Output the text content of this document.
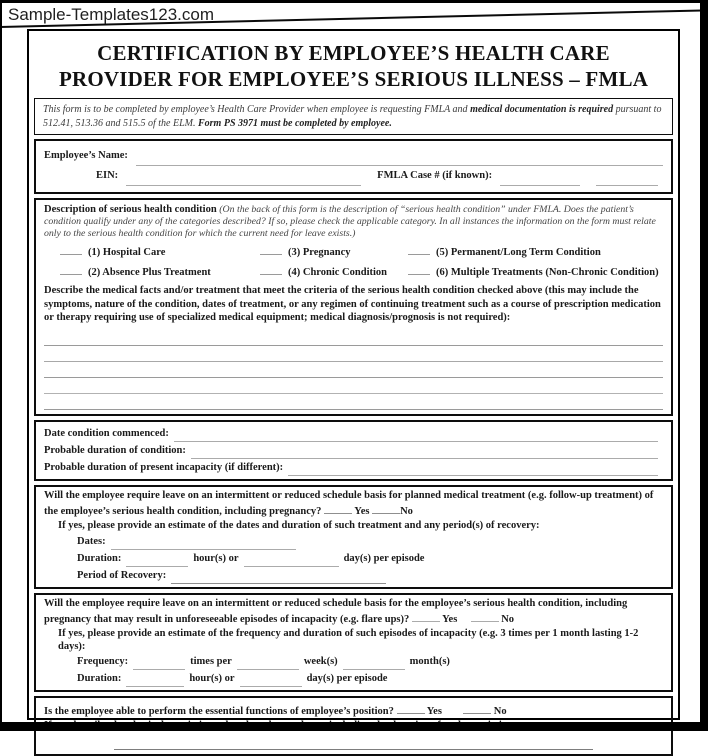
Sample-Templates123.com
CERTIFICATION BY EMPLOYEE’S HEALTH CARE
PROVIDER FOR EMPLOYEE’S SERIOUS ILLNESS – FMLA
This form is to be completed by employee’s Health Care Provider when employee is requesting FMLA and medical documentation is required pursuant to 512.41, 513.36 and 515.5 of the ELM. Form PS 3971 must be completed by employee.
Employee’s Name:
EIN:	FMLA Case # (if known):
Description of serious health condition (On the back of this form is the description of “serious health condition” under FMLA. Does the patient’s condition qualify under any of the categories described? If so, please check the applicable category. In all instances the information on the form must relate only to the serious health condition for which the current need for leave exists.)
(1) Hospital Care	(3) Pregnancy	(5) Permanent/Long Term Condition
(2) Absence Plus Treatment	(4) Chronic Condition	(6) Multiple Treatments (Non-Chronic Condition)
Describe the medical facts and/or treatment that meet the criteria of the serious health condition checked above (this may include the symptoms, nature of the condition, dates of treatment, or any regimen of continuing treatment such as a course of prescription medication or therapy requiring use of specialized medical equipment; medical diagnosis/prognosis is not required):
Date condition commenced:
Probable duration of condition:
Probable duration of present incapacity (if different):
Will the employee require leave on an intermittent or reduced schedule basis for planned medical treatment (e.g. follow-up treatment) of the employee’s serious health condition, including pregnancy?	Yes	No
If yes, please provide an estimate of the dates and duration of such treatment and any period(s) of recovery:
Dates:
Duration:	hour(s) or	day(s) per episode
Period of Recovery:
Will the employee require leave on an intermittent or reduced schedule basis for the employee’s serious health condition, including pregnancy that may result in unforeseeable episodes of incapacity (e.g. flare ups)?	Yes	No
If yes, please provide an estimate of the frequency and duration of such episodes of incapacity (e.g. 3 times per 1 month lasting 1-2 days):
Frequency:	times per	week(s)	month(s)
Duration:	hour(s) or	day(s) per episode
Is the employee able to perform the essential functions of employee’s position?	Yes	No
